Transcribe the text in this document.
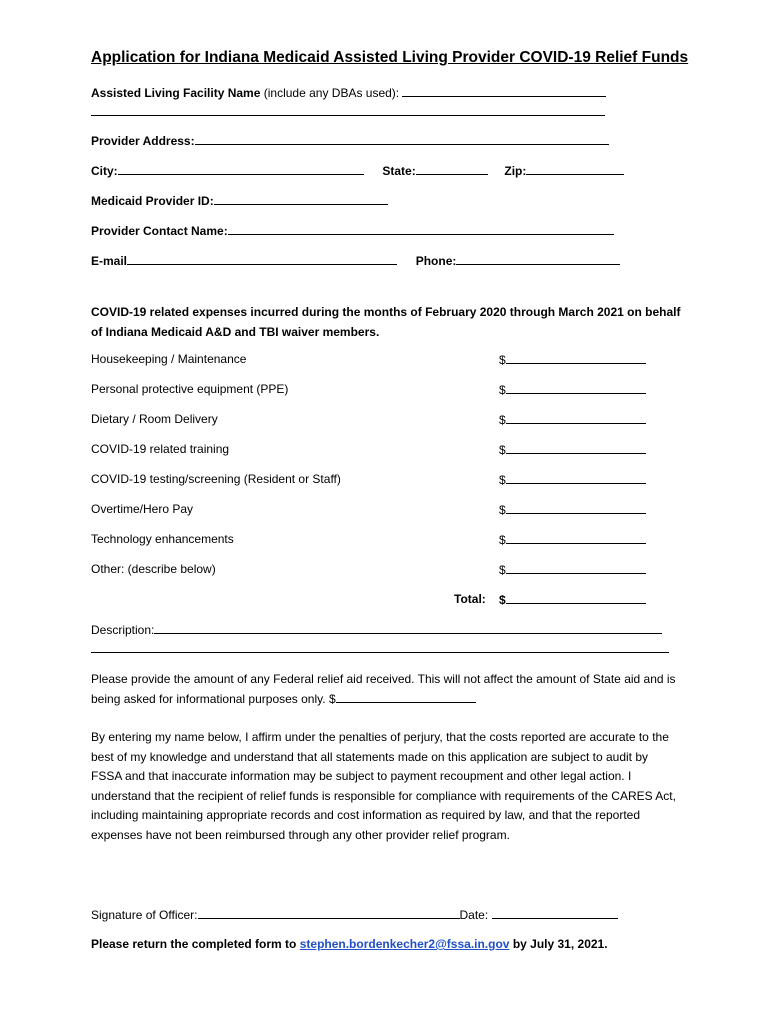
Application for Indiana Medicaid Assisted Living Provider COVID-19 Relief Funds
Assisted Living Facility Name (include any DBAs used):
Provider Address:
City:	State:	Zip:
Medicaid Provider ID:
Provider Contact Name:
E-mail	Phone:
COVID-19 related expenses incurred during the months of February 2020 through March 2021 on behalf of Indiana Medicaid A&D and TBI waiver members.
Housekeeping / Maintenance	$
Personal protective equipment (PPE)	$
Dietary / Room Delivery	$
COVID-19 related training	$
COVID-19 testing/screening (Resident or Staff)	$
Overtime/Hero Pay	$
Technology enhancements	$
Other: (describe below)	$
Total: $
Description:
Please provide the amount of any Federal relief aid received. This will not affect the amount of State aid and is being asked for informational purposes only. $
By entering my name below, I affirm under the penalties of perjury, that the costs reported are accurate to the best of my knowledge and understand that all statements made on this application are subject to audit by FSSA and that inaccurate information may be subject to payment recoupment and other legal action. I understand that the recipient of relief funds is responsible for compliance with requirements of the CARES Act, including maintaining appropriate records and cost information as required by law, and that the reported expenses have not been reimbursed through any other provider relief program.
Signature of Officer:	Date:
Please return the completed form to stephen.bordenkecher2@fssa.in.gov by July 31, 2021.
